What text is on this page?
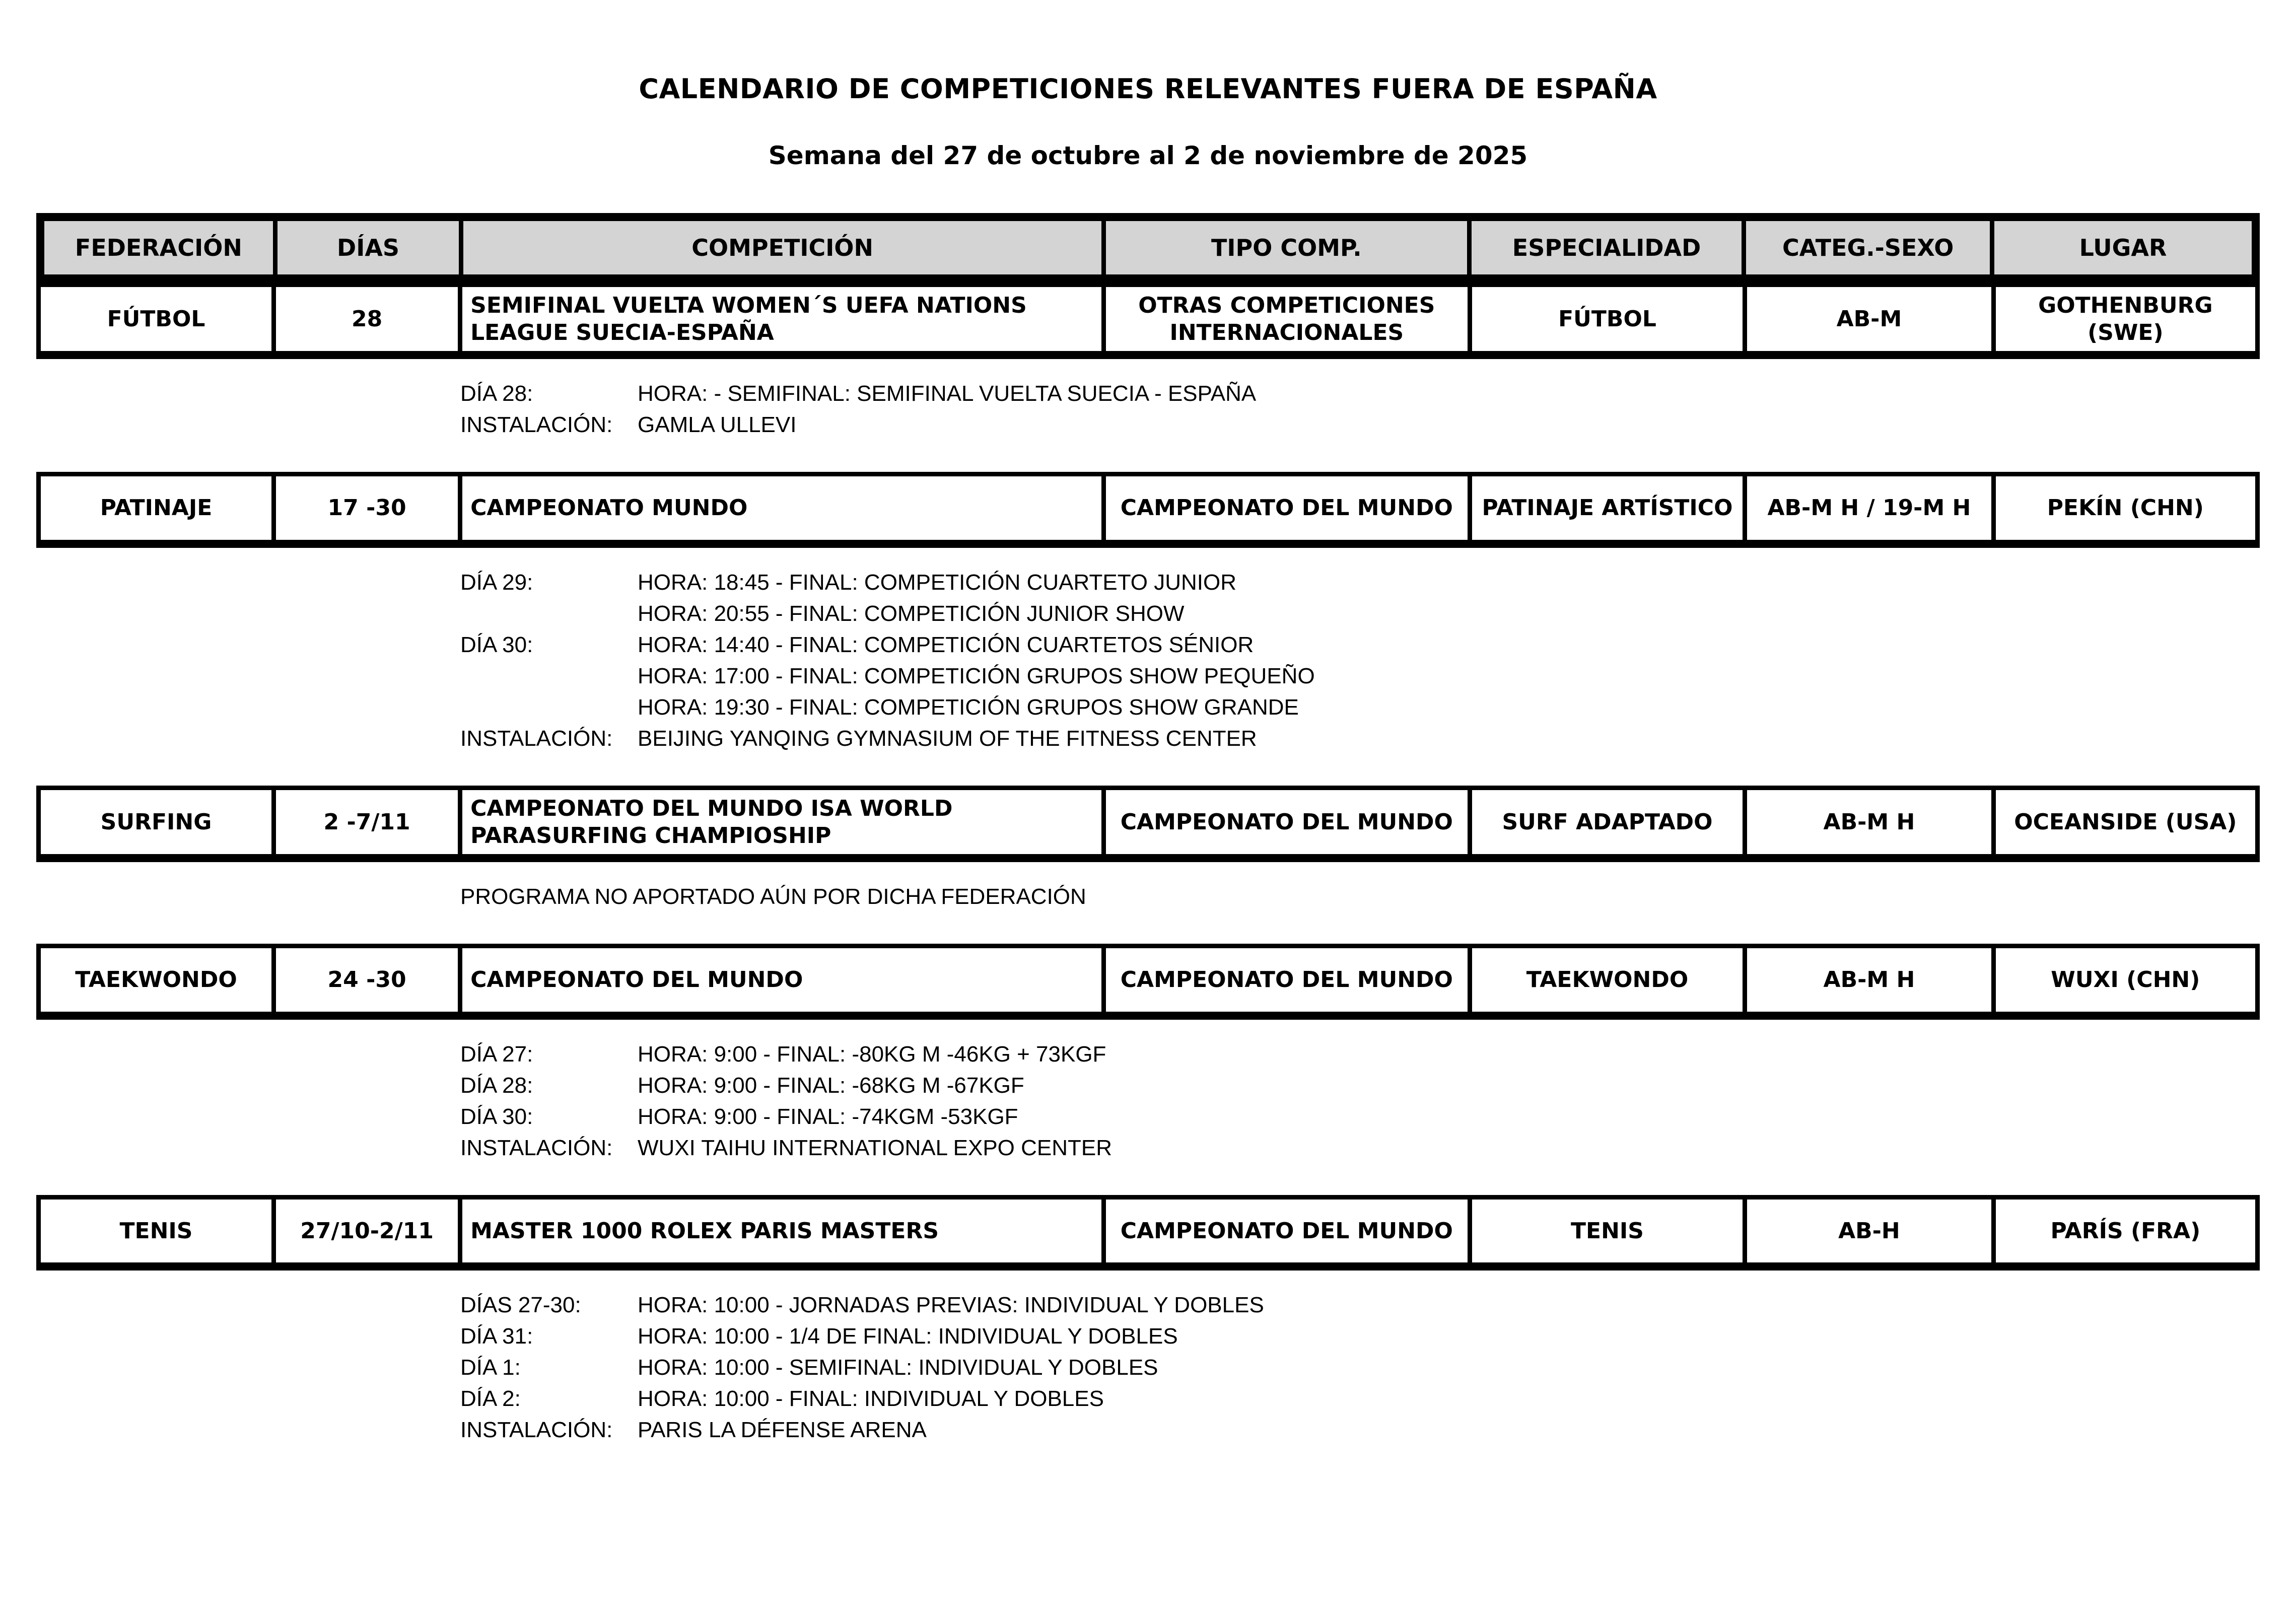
CALENDARIO DE COMPETICIONES RELEVANTES FUERA DE ESPAÑA
Semana del 27 de octubre al 2 de noviembre de 2025
FEDERACIÓN	DÍAS	COMPETICIÓN	TIPO COMP.	ESPECIALIDAD	CATEG.-SEXO	LUGAR
FÚTBOL	28	SEMIFINAL VUELTA WOMEN´S UEFA NATIONS LEAGUE SUECIA-ESPAÑA	OTRAS COMPETICIONES INTERNACIONALES	FÚTBOL	AB-M	GOTHENBURG (SWE)
DÍA 28:	HORA: - SEMIFINAL: SEMIFINAL VUELTA SUECIA - ESPAÑA
INSTALACIÓN: GAMLA ULLEVI
PATINAJE	17 -30	CAMPEONATO MUNDO	CAMPEONATO DEL MUNDO	PATINAJE ARTÍSTICO	AB-M H / 19-M H	PEKÍN (CHN)
DÍA 29:	HORA: 18:45 - FINAL: COMPETICIÓN CUARTETO JUNIOR
HORA: 20:55 - FINAL: COMPETICIÓN JUNIOR SHOW
DÍA 30:	HORA: 14:40 - FINAL: COMPETICIÓN CUARTETOS SÉNIOR
HORA: 17:00 - FINAL: COMPETICIÓN GRUPOS SHOW PEQUEÑO
HORA: 19:30 - FINAL: COMPETICIÓN GRUPOS SHOW GRANDE
INSTALACIÓN: BEIJING YANQING GYMNASIUM OF THE FITNESS CENTER
SURFING	2 -7/11	CAMPEONATO DEL MUNDO ISA WORLD PARASURFING CHAMPIOSHIP	CAMPEONATO DEL MUNDO	SURF ADAPTADO	AB-M H	OCEANSIDE (USA)
PROGRAMA NO APORTADO AÚN POR DICHA FEDERACIÓN
TAEKWONDO	24 -30	CAMPEONATO DEL MUNDO	CAMPEONATO DEL MUNDO	TAEKWONDO	AB-M H	WUXI (CHN)
DÍA 27:	HORA: 9:00 - FINAL: -80KG M -46KG + 73KGF
DÍA 28:	HORA: 9:00 - FINAL: -68KG M -67KGF
DÍA 30:	HORA: 9:00 - FINAL: -74KGM -53KGF
INSTALACIÓN: WUXI TAIHU INTERNATIONAL EXPO CENTER
TENIS	27/10-2/11	MASTER 1000 ROLEX PARIS MASTERS	CAMPEONATO DEL MUNDO	TENIS	AB-H	PARÍS (FRA)
DÍAS 27-30:	HORA: 10:00 - JORNADAS PREVIAS: INDIVIDUAL Y DOBLES
DÍA 31:	HORA: 10:00 - 1/4 DE FINAL: INDIVIDUAL Y DOBLES
DÍA 1:	HORA: 10:00 - SEMIFINAL: INDIVIDUAL Y DOBLES
DÍA 2:	HORA: 10:00 - FINAL: INDIVIDUAL Y DOBLES
INSTALACIÓN: PARIS LA DÉFENSE ARENA
